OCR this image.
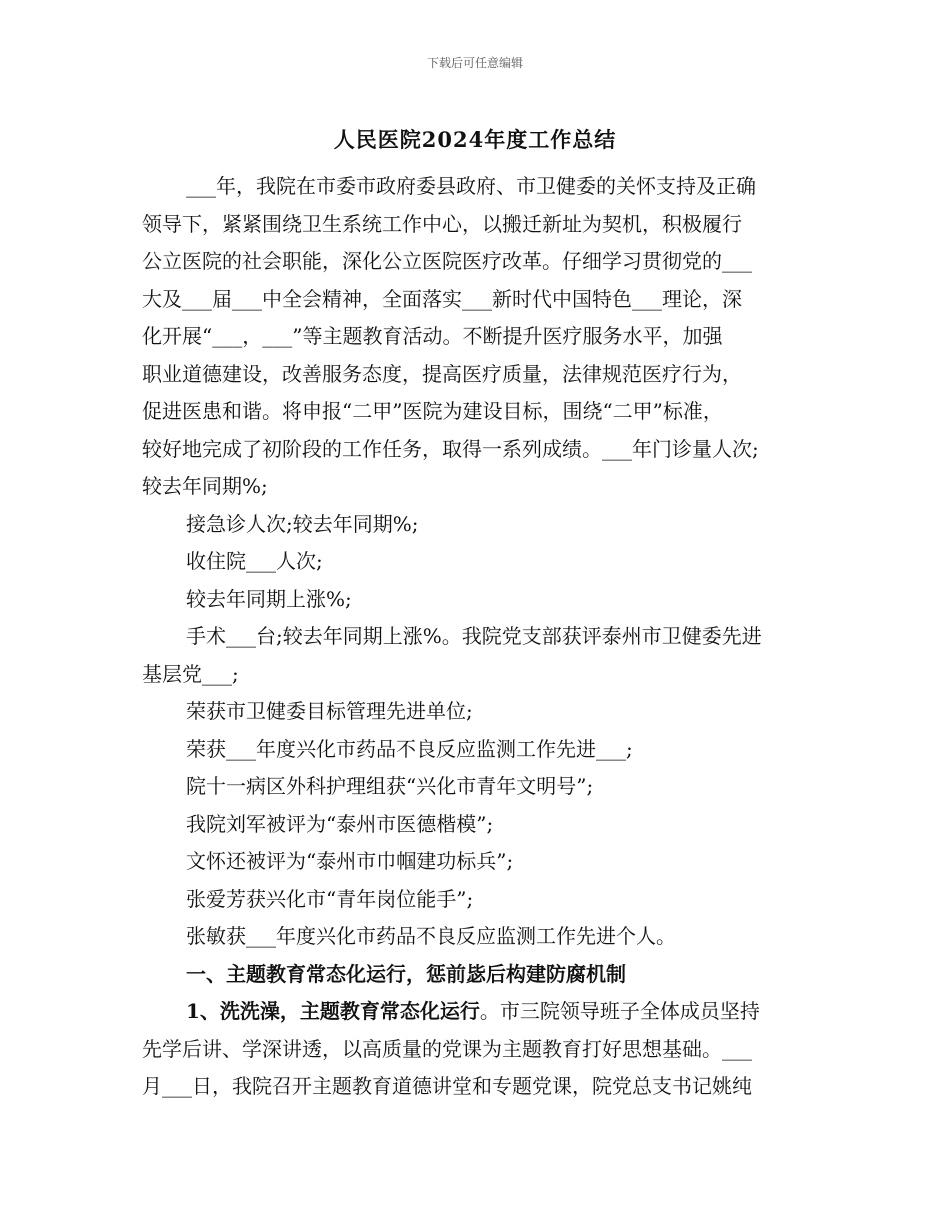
下载后可任意编辑
人民医院2024年度工作总结
___年，我院在市委市政府委县政府、市卫健委的关怀支持及正确
领导下，紧紧围绕卫生系统工作中心，以搬迁新址为契机，积极履行
公立医院的社会职能，深化公立医院医疗改革。仔细学习贯彻党的___
大及___届___中全会精神，全面落实___新时代中国特色___理论，深
化开展“___，___”等主题教育活动。不断提升医疗服务水平，加强
职业道德建设，改善服务态度，提高医疗质量，法律规范医疗行为，
促进医患和谐。将申报“二甲”医院为建设目标，围绕“二甲”标准，
较好地完成了初阶段的工作任务，取得一系列成绩。___年门诊量人次;
较去年同期%;
接急诊人次;较去年同期%;
收住院___人次;
较去年同期上涨%;
手术___台;较去年同期上涨%。我院党支部获评泰州市卫健委先进
基层党___;
荣获市卫健委目标管理先进单位;
荣获___年度兴化市药品不良反应监测工作先进___;
院十一病区外科护理组获“兴化市青年文明号”;
我院刘军被评为“泰州市医德楷模”;
文怀还被评为“泰州市巾帼建功标兵”;
张爱芳获兴化市“青年岗位能手”;
张敏获___年度兴化市药品不良反应监测工作先进个人。
一、主题教育常态化运行，惩前毖后构建防腐机制
1、洗洗澡，主题教育常态化运行。市三院领导班子全体成员坚持
先学后讲、学深讲透，以高质量的党课为主题教育打好思想基础。___
月___日，我院召开主题教育道德讲堂和专题党课，院党总支书记姚纯
